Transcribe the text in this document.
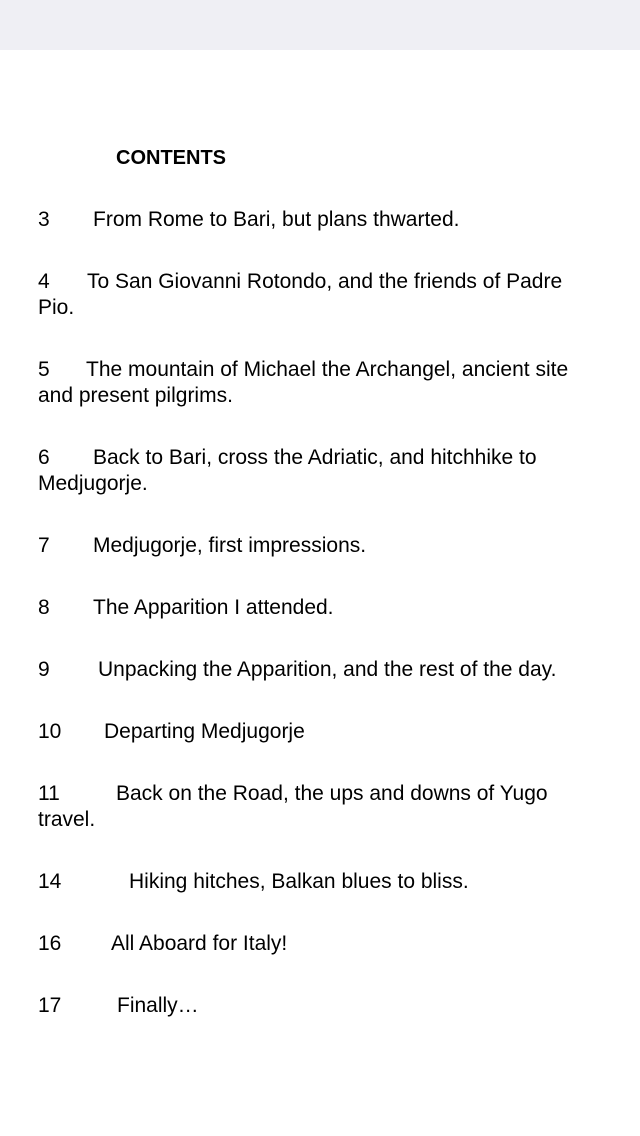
CONTENTS
3 From Rome to Bari, but plans thwarted.
4 To San Giovanni Rotondo, and the friends of Padre Pio.
5 The mountain of Michael the Archangel, ancient site and present pilgrims.
6 Back to Bari, cross the Adriatic, and hitchhike to Medjugorje.
7 Medjugorje, first impressions.
8 The Apparition I attended.
9 Unpacking the Apparition, and the rest of the day.
10 Departing Medjugorje
11	Back on the Road, the ups and downs of Yugo travel.
14	Hiking hitches, Balkan blues to bliss.
16 All Aboard for Italy!
17	Finally…
